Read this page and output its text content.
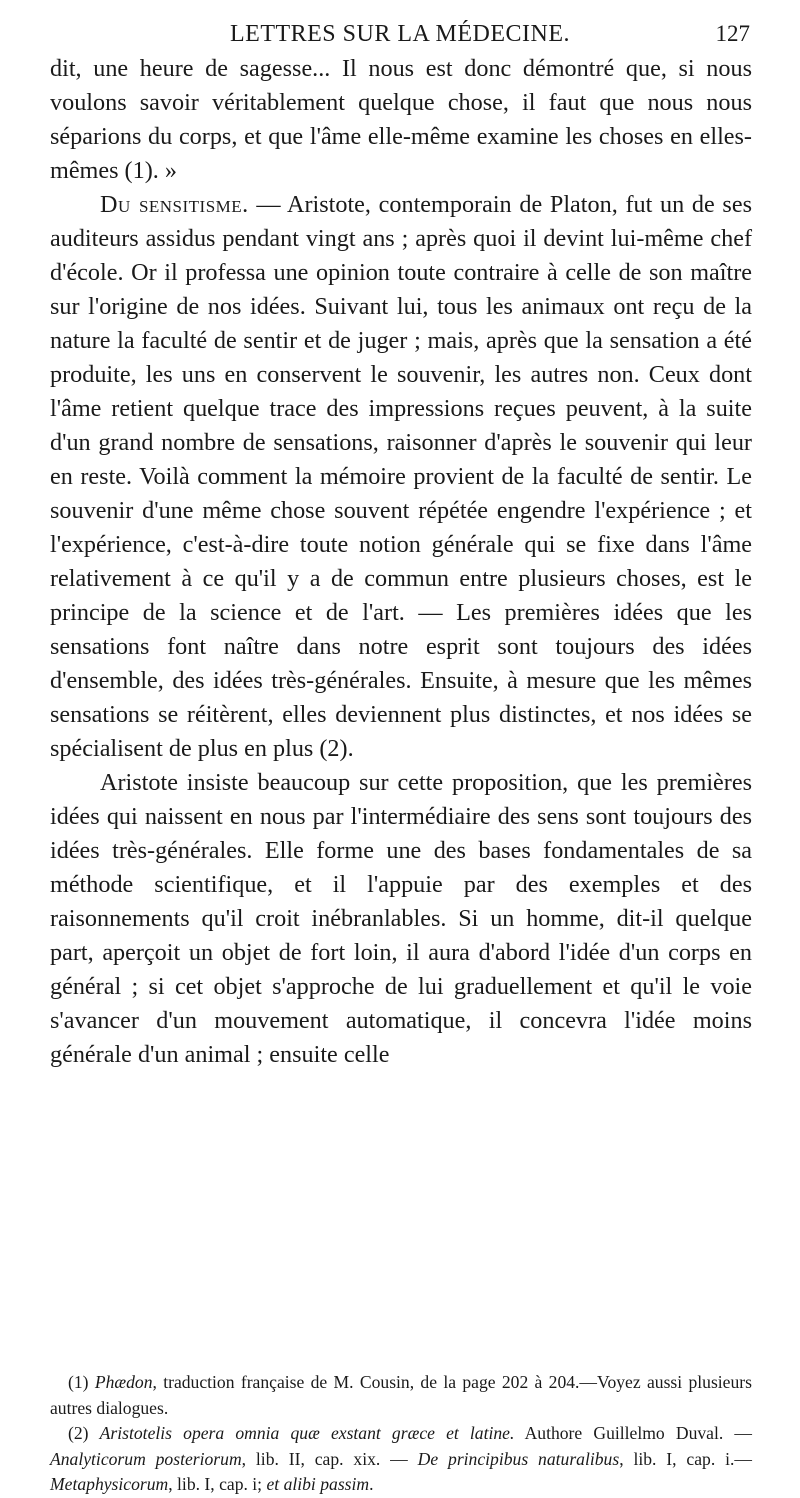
LETTRES SUR LA MÉDECINE.	127

dit, une heure de sagesse... Il nous est donc démontré que, si nous voulons savoir véritablement quelque chose, il faut que nous nous séparions du corps, et que l'âme elle-même examine les choses en elles-mêmes (1). »

Du sensitisme. — Aristote, contemporain de Platon, fut un de ses auditeurs assidus pendant vingt ans ; après quoi il devint lui-même chef d'école. Or il professa une opinion toute contraire à celle de son maître sur l'origine de nos idées. Suivant lui, tous les animaux ont reçu de la nature la faculté de sentir et de juger ; mais, après que la sensation a été produite, les uns en conservent le souvenir, les autres non. Ceux dont l'âme retient quelque trace des impressions reçues peuvent, à la suite d'un grand nombre de sensations, raisonner d'après le souvenir qui leur en reste. Voilà comment la mémoire provient de la faculté de sentir. Le souvenir d'une même chose souvent répétée engendre l'expérience ; et l'expérience, c'est-à-dire toute notion générale qui se fixe dans l'âme relativement à ce qu'il y a de commun entre plusieurs choses, est le principe de la science et de l'art. — Les premières idées que les sensations font naître dans notre esprit sont toujours des idées d'ensemble, des idées très-générales. Ensuite, à mesure que les mêmes sensations se réitèrent, elles deviennent plus distinctes, et nos idées se spécialisent de plus en plus (2).

Aristote insiste beaucoup sur cette proposition, que les premières idées qui naissent en nous par l'intermédiaire des sens sont toujours des idées très-générales. Elle forme une des bases fondamentales de sa méthode scientifique, et il l'appuie par des exemples et des raisonnements qu'il croit inébranlables. Si un homme, dit-il quelque part, aperçoit un objet de fort loin, il aura d'abord l'idée d'un corps en général ; si cet objet s'approche de lui graduellement et qu'il le voie s'avancer d'un mouvement automatique, il concevra l'idée moins générale d'un animal ; ensuite celle

(1) Phædon, traduction française de M. Cousin, de la page 202 à 204.—Voyez aussi plusieurs autres dialogues.

(2) Aristotelis opera omnia quæ exstant græce et latine. Authore Guillelmo Duval. — Analyticorum posteriorum, lib. II, cap. xix. — De principibus naturalibus, lib. I, cap. i.—Metaphysicorum, lib. I, cap. i; et alibi passim.
